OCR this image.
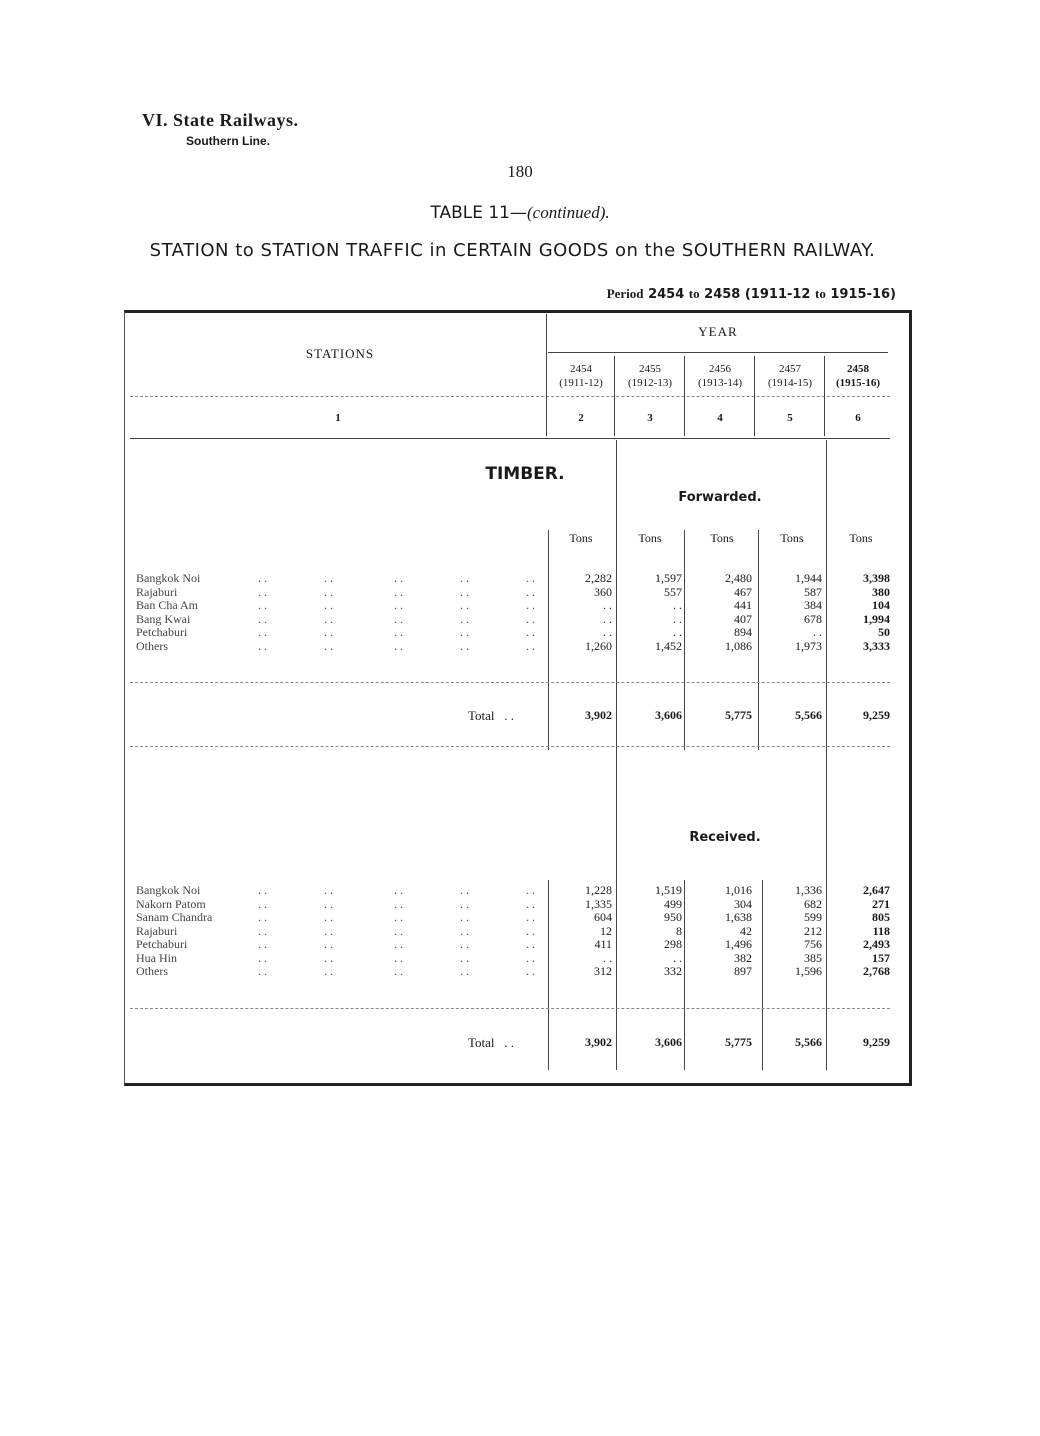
VI. State Railways.
Southern Line.
180
TABLE 11—(continued).
STATION to STATION TRAFFIC in CERTAIN GOODS on the SOUTHERN RAILWAY.
Period 2454 to 2458 (1911-12 to 1915-16)
STATIONS
YEAR
2454
(1911-12)
2455
(1912-13)
2456
(1913-14)
2457
(1914-15)
2458
(1915-16)
1	2	3	4	5	6
TIMBER.
Forwarded.
Received.
Tons	Tons	Tons	Tons	Tons
Bangkok Noi	. .	. .	. .	. .	. .	2,282	1,597	2,480	1,944	3,398
Rajaburi	. .	. .	. .	. .	. .	360	557	467	587	380
Ban Cha Am	. .	. .	. .	. .	. .	. .	. .	441	384	104
Bang Kwai	. .	. .	. .	. .	. .	. .	. .	407	678	1,994
Petchaburi	. .	. .	. .	. .	. .	. .	. .	894	. .	50
Others	. .	. .	. .	. .	. .	1,260	1,452	1,086	1,973	3,333
Bangkok Noi	. .	. .	. .	. .	. .	1,228	1,519	1,016	1,336	2,647
Nakorn Patom	. .	. .	. .	. .	. .	1,335	499	304	682	271
Sanam Chandra	. .	. .	. .	. .	. .	604	950	1,638	599	805
Rajaburi	. .	. .	. .	. .	. .	12	8	42	212	118
Petchaburi	. .	. .	. .	. .	. .	411	298	1,496	756	2,493
Hua Hin	. .	. .	. .	. .	. .	. .	. .	382	385	157
Others	. .	. .	. .	. .	. .	312	332	897	1,596	2,768
Total . .	3,902	3,606	5,775	5,566	9,259
Total . .	3,902	3,606	5,775	5,566	9,259
